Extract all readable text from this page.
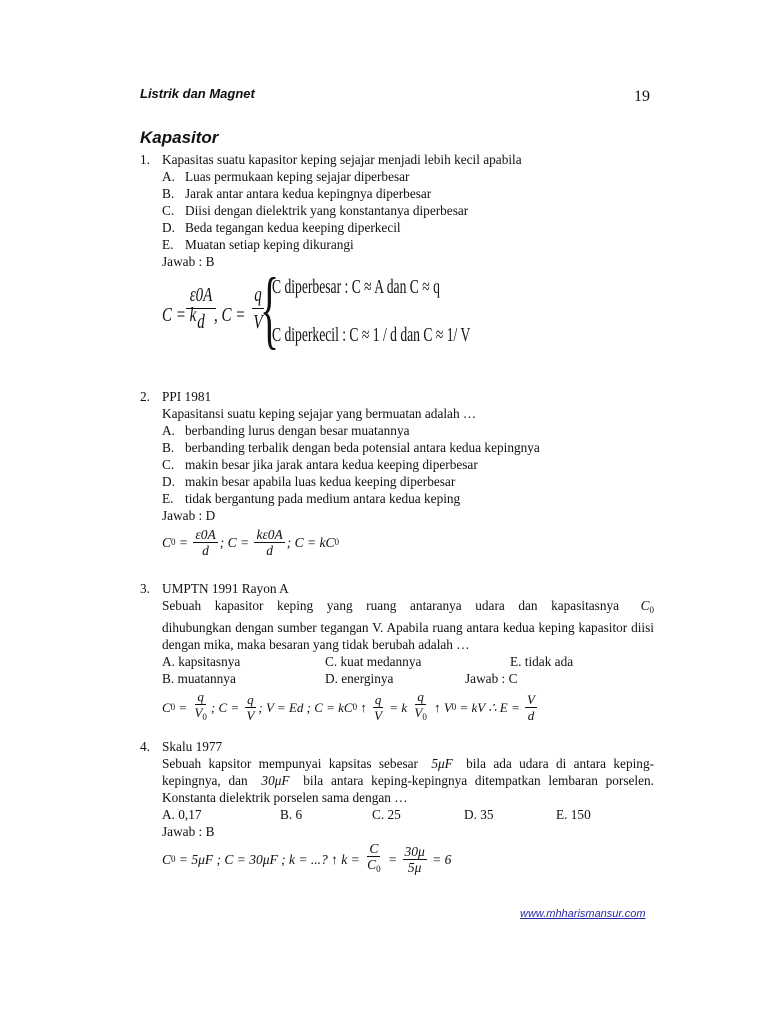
Listrik dan Magnet	19
Kapasitor
1. Kapasitas suatu kapasitor keping sejajar menjadi lebih kecil apabila
A. Luas permukaan keping sejajar diperbesar
B. Jarak antar antara kedua kepingnya diperbesar
C. Diisi dengan dielektrik yang konstantanya diperbesar
D. Beda tegangan kedua keeping diperkecil
E. Muatan setiap keping dikurangi
Jawab : B
C = k
ε0A
d , C =
q
V
{
C diperbesar : C ≈ A dan C ≈ q
C diperkecil : C ≈ 1 / d dan C ≈ 1/ V
2. PPI 1981
Kapasitansi suatu keping sejajar yang bermuatan adalah …
A. berbanding lurus dengan besar muatannya
B. berbanding terbalik dengan beda potensial antara kedua kepingnya
C. makin besar jika jarak antara kedua keeping diperbesar
D. makin besar apabila luas kedua keeping diperbesar
E. tidak bergantung pada medium antara kedua keping
Jawab : D
C $0 = \frac{\varepsilon 0A}{d}$ ; $C = \frac{k\varepsilon 0A}{d}$ ; C = kC 0
3. UMPTN 1991 Rayon A
Sebuah kapasitor keping yang ruang antaranya udara dan kapasitasnya $C_0$
dihubungkan dengan sumber tegangan V. Apabila ruang antara kedua keping kapasitor diisi dengan mika, maka besaran yang tidak berubah adalah …
A. kapsitasnya	C. kuat medannya	E. tidak ada
B. muatannya	D. energinya	Jawab : C
C $0 = \frac{q}{V_0}$ ; $C = \frac{q}{V}$ ; V = Ed ; C = kC 0 ↑ $\frac{q}{V} = k \frac{q}{V_0}$ ↑ V 0 = kV ∴ $E = \frac{V}{d}$
4. Skalu 1977
Sebuah kapsitor mempunyai kapsitas sebesar 5μF bila ada udara di antara keping-kepingnya, dan 30μF bila antara keping-kepingnya ditempatkan lembaran porselen. Konstanta dielektrik porselen sama dengan …
A. 0,17	B. 6	C. 25	D. 35	E. 150
Jawab : B
C 0 = 5μF ; C = 30μF ; k = ...? ↑ $k = \frac{C}{C_0} = \frac{30\mu}{5\mu} = 6$
www.mhharismansur.com
